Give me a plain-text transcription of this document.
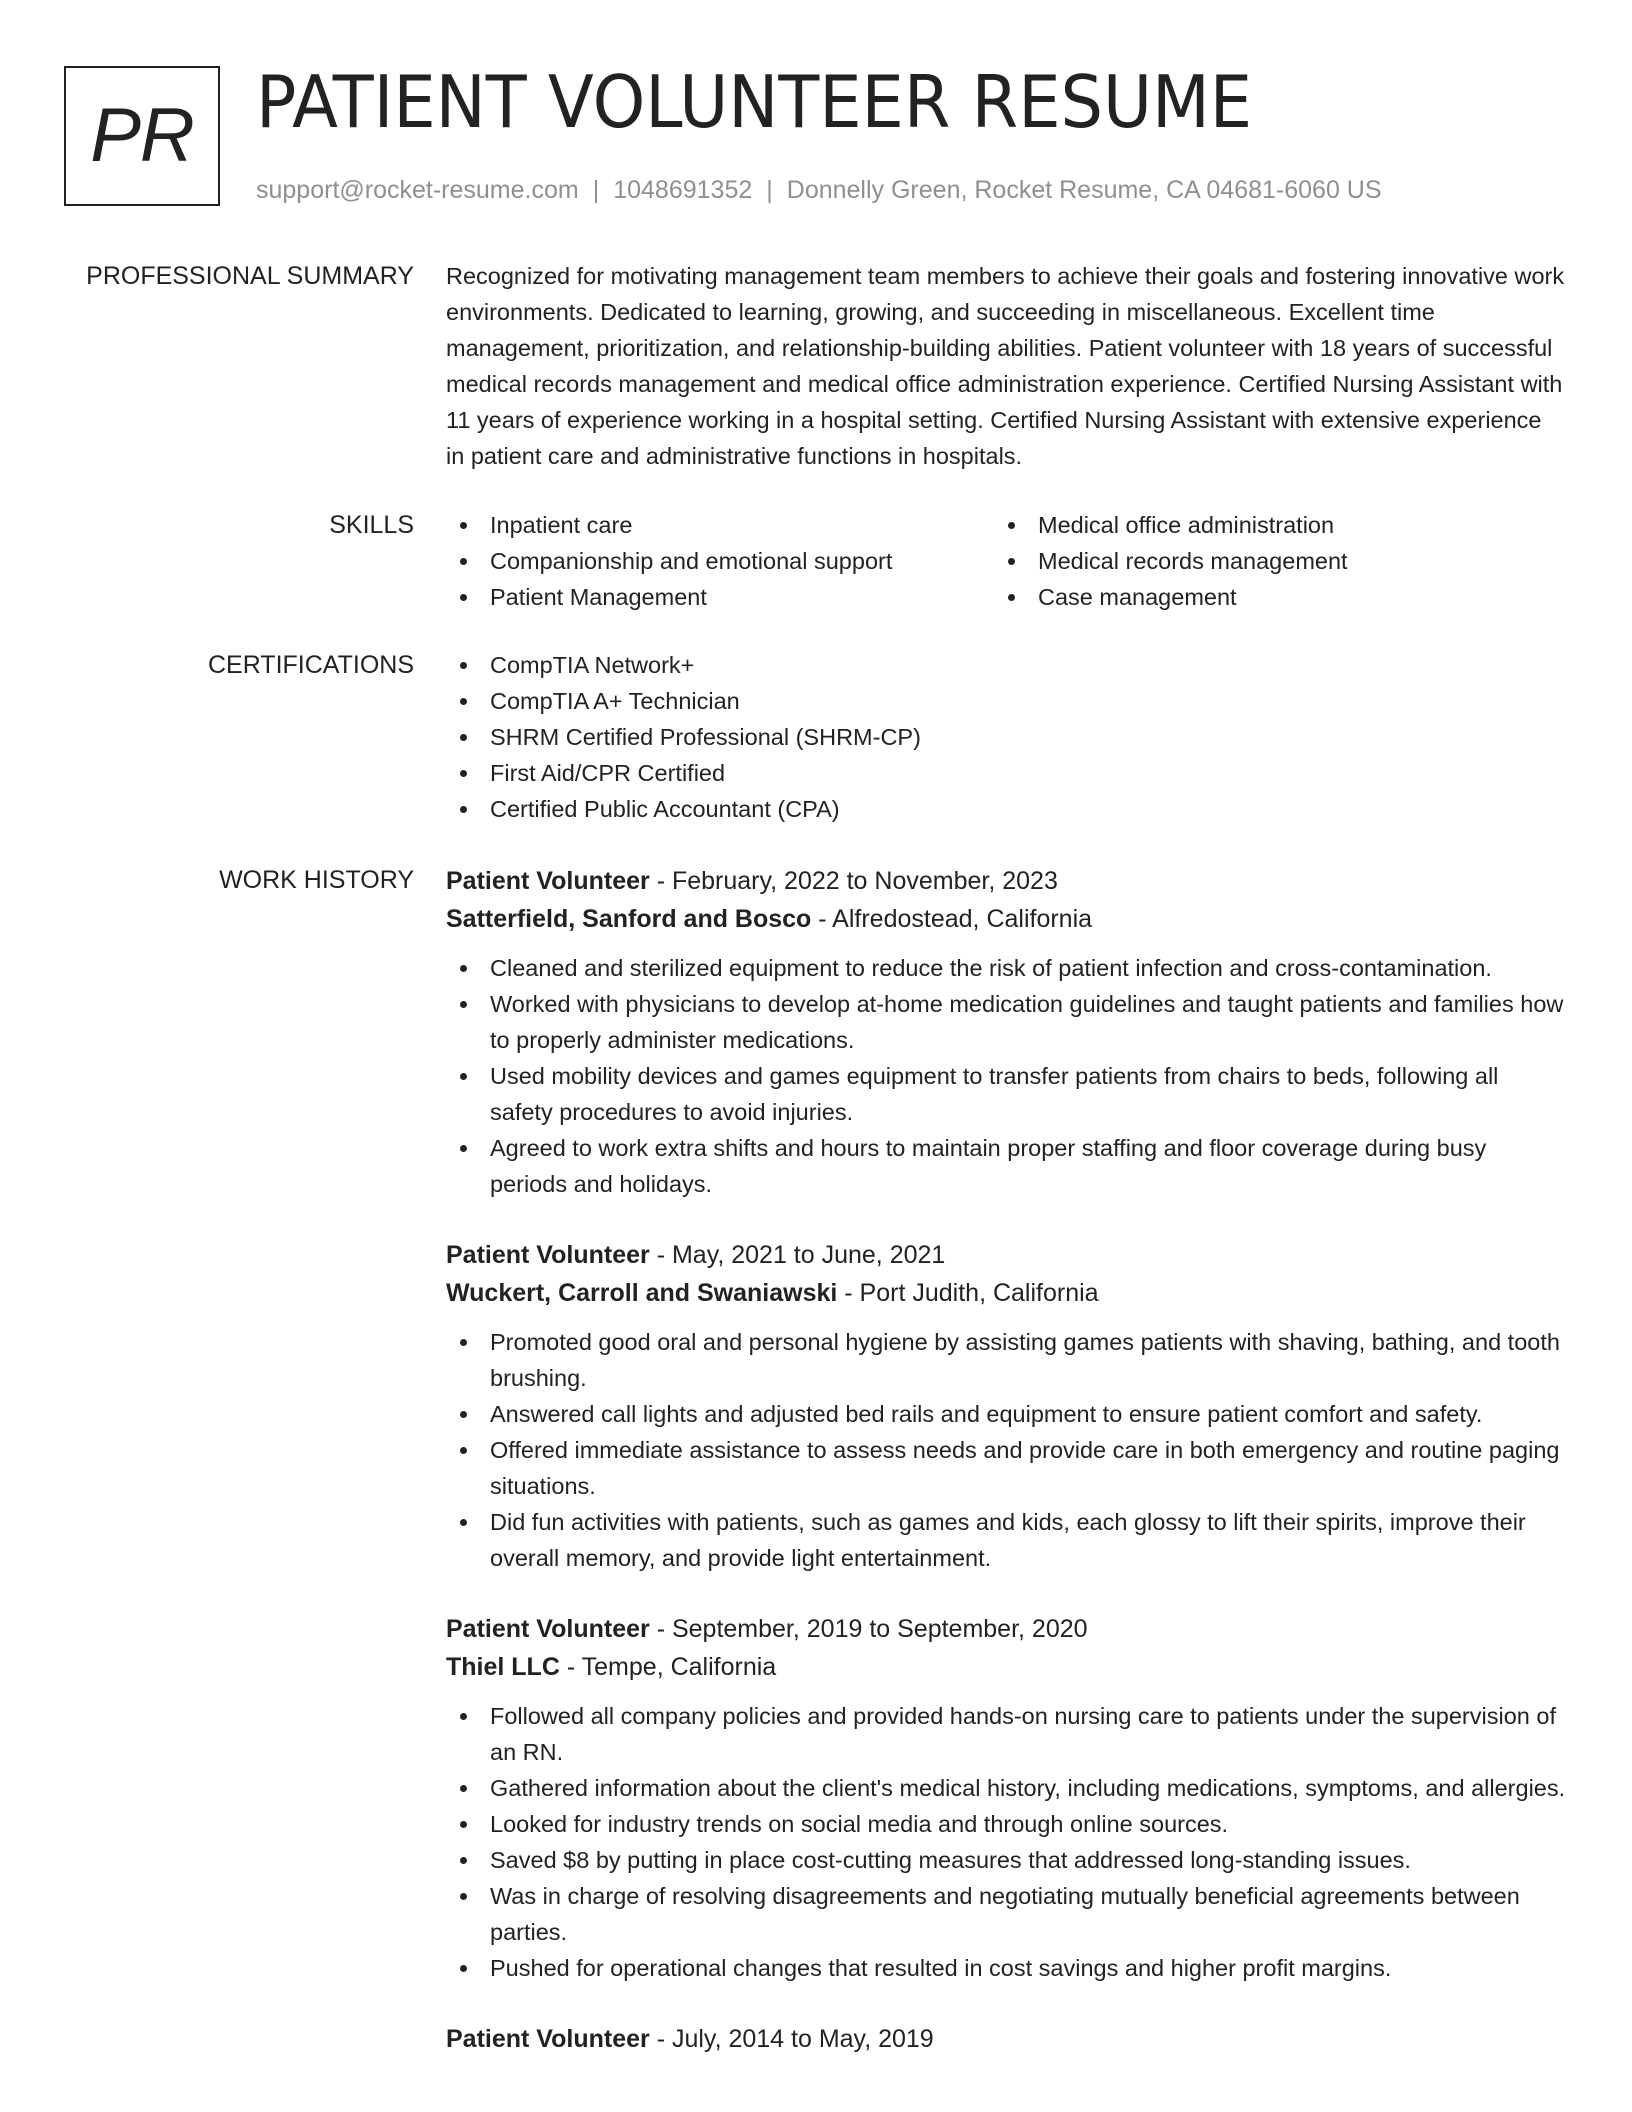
PR PATIENT VOLUNTEER RESUME
support@rocket-resume.com | 1048691352 | Donnelly Green, Rocket Resume, CA 04681-6060 US
PROFESSIONAL SUMMARY Recognized for motivating management team members to achieve their goals and fostering innovative work environments. Dedicated to learning, growing, and succeeding in miscellaneous. Excellent time management, prioritization, and relationship-building abilities. Patient volunteer with 18 years of successful medical records management and medical office administration experience. Certified Nursing Assistant with 11 years of experience working in a hospital setting. Certified Nursing Assistant with extensive experience in patient care and administrative functions in hospitals.

SKILLS	Inpatient care
Companionship and emotional support
Patient Management
Medical office administration
Medical records management
Case management
CERTIFICATIONS	CompTIA Network+
CompTIA A+ Technician
SHRM Certified Professional (SHRM-CP)
First Aid/CPR Certified
Certified Public Accountant (CPA)
WORK HISTORY Patient Volunteer - February, 2022 to November, 2023
Satterfield, Sanford and Bosco - Alfredostead, California
Cleaned and sterilized equipment to reduce the risk of patient infection and cross-contamination.
Worked with physicians to develop at-home medication guidelines and taught patients and families how to properly administer medications.
Used mobility devices and games equipment to transfer patients from chairs to beds, following all safety procedures to avoid injuries.
Agreed to work extra shifts and hours to maintain proper staffing and floor coverage during busy periods and holidays.
Patient Volunteer - May, 2021 to June, 2021
Wuckert, Carroll and Swaniawski - Port Judith, California
Promoted good oral and personal hygiene by assisting games patients with shaving, bathing, and tooth brushing.
Answered call lights and adjusted bed rails and equipment to ensure patient comfort and safety.
Offered immediate assistance to assess needs and provide care in both emergency and routine paging situations.
Did fun activities with patients, such as games and kids, each glossy to lift their spirits, improve their overall memory, and provide light entertainment.
Patient Volunteer - September, 2019 to September, 2020
Thiel LLC - Tempe, California
Followed all company policies and provided hands-on nursing care to patients under the supervision of an RN.
Gathered information about the client's medical history, including medications, symptoms, and allergies.
Looked for industry trends on social media and through online sources.
Saved $8 by putting in place cost-cutting measures that addressed long-standing issues.
Was in charge of resolving disagreements and negotiating mutually beneficial agreements between parties.
Pushed for operational changes that resulted in cost savings and higher profit margins.
Patient Volunteer - July, 2014 to May, 2019
